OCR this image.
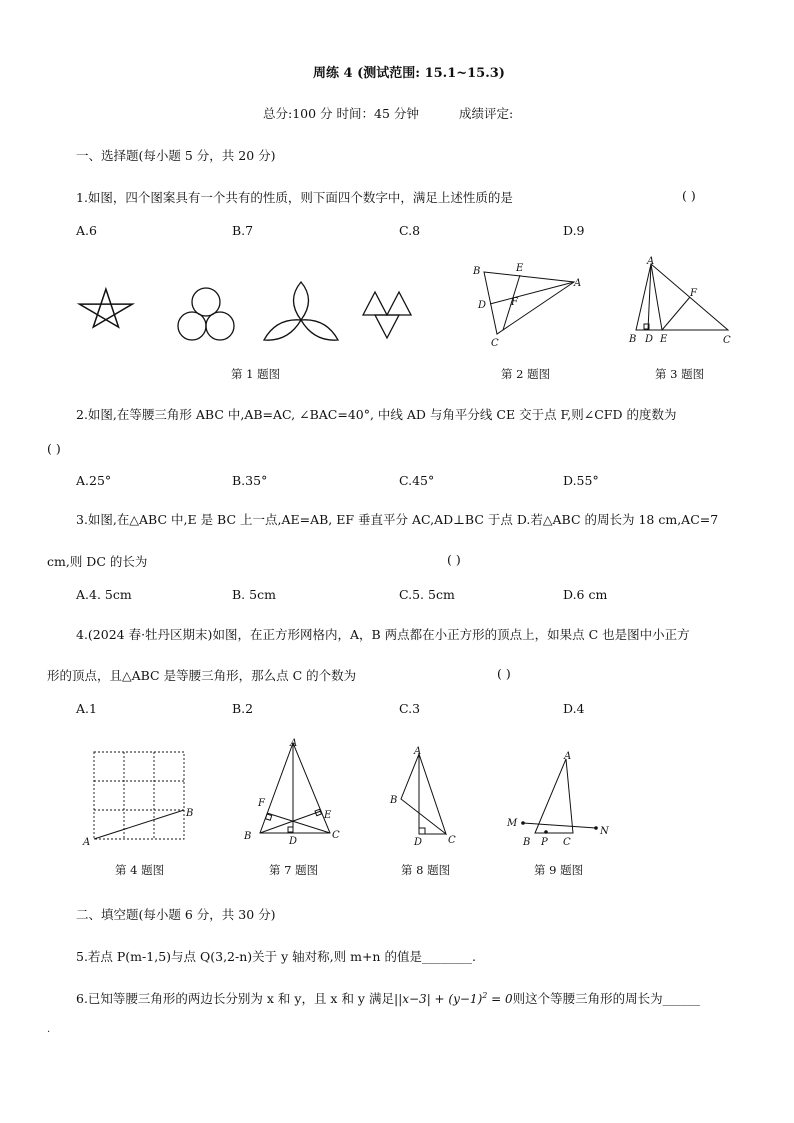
周练 4 (测试范围: 15.1~15.3)
总分:100 分 时间：45 分钟	成绩评定:
一、选择题(每小题 5 分，共 20 分)
1.如图，四个图案具有一个共有的性质，则下面四个数字中，满足上述性质的是	( )
A.6	B.7	C.8	D.9
B	E
A
D F
C
A
F
B D E	C
第 1 题图	第 2 题图	第 3 题图
2.如图,在等腰三角形 ABC 中,AB=AC, ∠BAC=40°, 中线 AD 与角平分线 CE 交于点 F,则∠CFD 的度数为
( )
A.25°	B.35°	C.45°	D.55°
3.如图,在△ABC 中,E 是 BC 上一点,AE=AB, EF 垂直平分 AC,AD⊥BC 于点 D.若△ABC 的周长为 18 cm,AC=7
cm,则 DC 的长为	( )
A.4. 5cm	B. 5cm	C.5. 5cm	D.6 cm
4.(2024 春·牡丹区期末)如图，在正方形网格内，A，B 两点都在小正方形的顶点上，如果点 C 也是图中小正方
形的顶点，且△ABC 是等腰三角形，那么点 C 的个数为	( )
A.1	B.2	C.3	D.4
A
B
A
F
E
B	D
C
A
B
D	C
A
M
N
B P C
第 4 题图	第 7 题图	第 8 题图	第 9 题图
二、填空题(每小题 6 分，共 30 分)
5.若点 P(m-1,5)与点 Q(3,2-n)关于 y 轴对称,则 m+n 的值是________.
6.已知等腰三角形的两边长分别为 x 和 y，且 x 和 y 满足$||x-3| + (y-1)^2 = 0$则这个等腰三角形的周长为______
.
